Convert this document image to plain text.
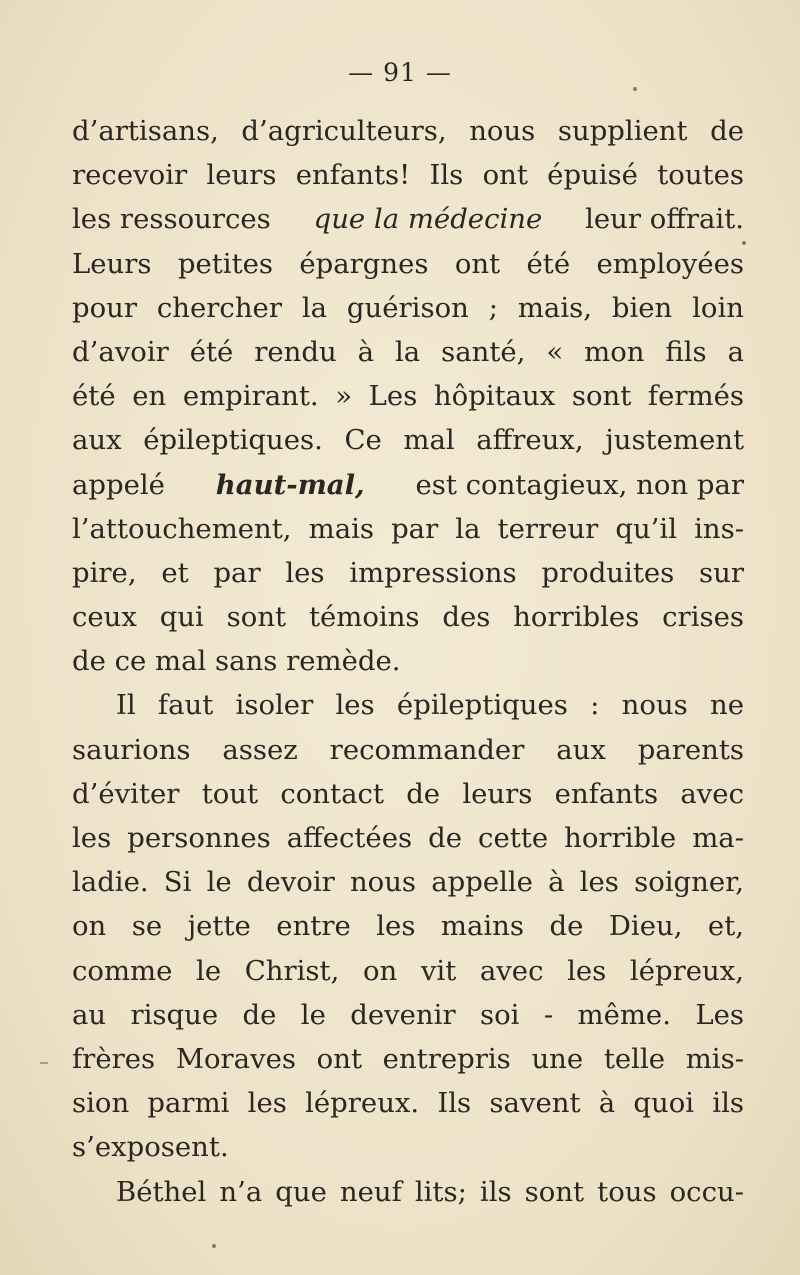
— 91 —
d’artisans, d’agriculteurs, nous supplient de
recevoir leurs enfants! Ils ont épuisé toutes
les ressources que la médecine leur offrait.
Leurs petites épargnes ont été employées
pour chercher la guérison ; mais, bien loin
d’avoir été rendu à la santé, « mon fils a
été en empirant. » Les hôpitaux sont fermés
aux épileptiques. Ce mal affreux, justement
appelé haut-mal, est contagieux, non par
l’attouchement, mais par la terreur qu’il ins-
pire, et par les impressions produites sur
ceux qui sont témoins des horribles crises
de ce mal sans remède.
Il faut isoler les épileptiques : nous ne
saurions assez recommander aux parents
d’éviter tout contact de leurs enfants avec
les personnes affectées de cette horrible ma-
ladie. Si le devoir nous appelle à les soigner,
on se jette entre les mains de Dieu, et,
comme le Christ, on vit avec les lépreux,
au risque de le devenir soi - même. Les
frères Moraves ont entrepris une telle mis-
sion parmi les lépreux. Ils savent à quoi ils
s’exposent.
Béthel n’a que neuf lits; ils sont tous occu-
